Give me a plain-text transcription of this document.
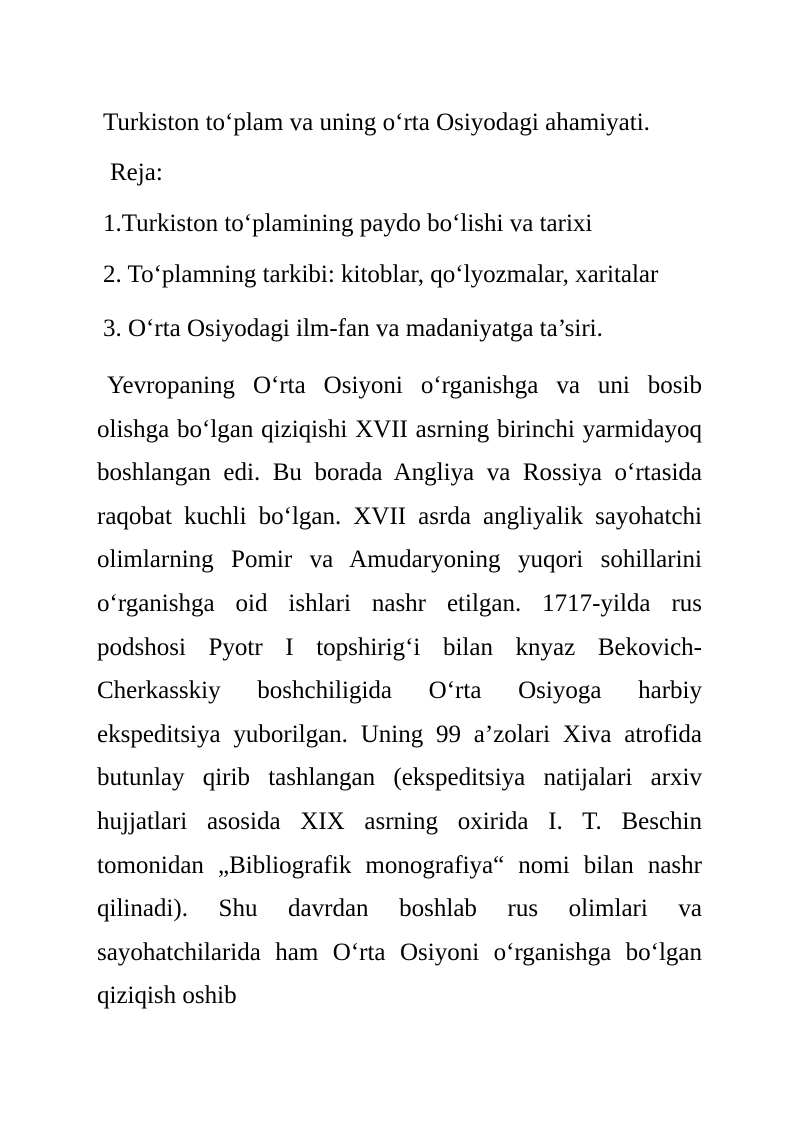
Turkiston to‘plam va uning o‘rta Osiyodagi ahamiyati.
Reja:
1.Turkiston to‘plamining paydo bo‘lishi va tarixi
2. To‘plamning tarkibi: kitoblar, qo‘lyozmalar, xaritalar
3. O‘rta Osiyodagi ilm-fan va madaniyatga ta’siri.
Yevropaning O‘rta Osiyoni o‘rganishga va uni bosib olishga bo‘lgan qiziqishi XVII asrning birinchi yarmidayoq boshlangan edi. Bu borada Angliya va Rossiya o‘rtasida raqobat kuchli bo‘lgan. XVII asrda angliyalik sayohatchi olimlarning Pomir va Amudaryoning yuqori sohillarini o‘rganishga oid ishlari nashr etilgan. 1717-yilda rus podshosi Pyotr I topshirig‘i bilan knyaz Bekovich-Cherkasskiy boshchiligida O‘rta Osiyoga harbiy ekspeditsiya yuborilgan. Uning 99 a’zolari Xiva atrofida butunlay qirib tashlangan (ekspeditsiya natijalari arxiv hujjatlari asosida XIX asrning oxirida I. T. Beschin tomonidan „Bibliografik monografiya“ nomi bilan nashr qilinadi). Shu davrdan boshlab rus olimlari va sayohatchilarida ham O‘rta Osiyoni o‘rganishga bo‘lgan qiziqish oshib
